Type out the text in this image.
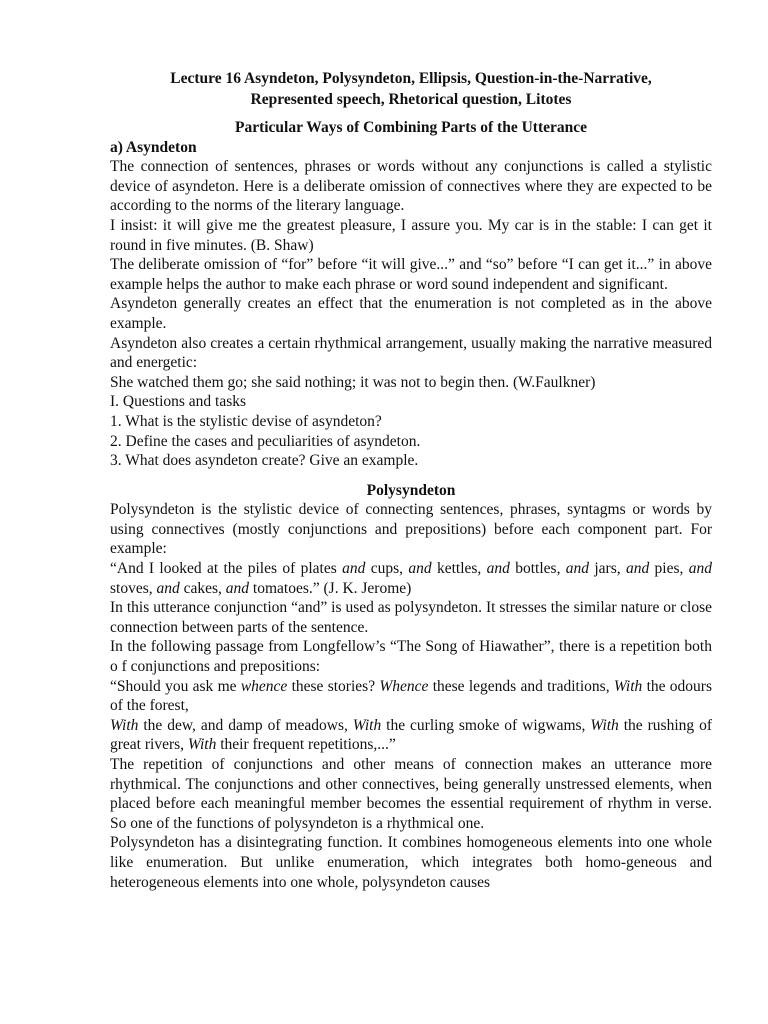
Lecture 16 Asyndeton, Polysyndeton, Ellipsis, Question-in-the-Narrative,
Represented speech, Rhetorical question, Litotes

Particular Ways of Combining Parts of the Utterance

a) Asyndeton

The connection of sentences, phrases or words without any conjunctions is called a stylistic device of asyndeton. Here is a deliberate omission of connectives where they are expected to be according to the norms of the literary language.

I insist: it will give me the greatest pleasure, I assure you. My car is in the stable: I can get it round in five minutes. (B. Shaw)

The deliberate omission of “for” before “it will give...” and “so” before “I can get it...” in above example helps the author to make each phrase or word sound independent and significant.

Asyndeton generally creates an effect that the enumeration is not completed as in the above example.

Asyndeton also creates a certain rhythmical arrangement, usually making the narrative measured and energetic:

She watched them go; she said nothing; it was not to begin then. (W.Faulkner)

I. Questions and tasks

1. What is the stylistic devise of asyndeton?

2. Define the cases and peculiarities of asyndeton.

3. What does asyndeton create? Give an example.

Polysyndeton

Polysyndeton is the stylistic device of connecting sentences, phrases, syntagms or words by using connectives (mostly conjunctions and prepositions) before each component part. For example:

“And I looked at the piles of plates and cups, and kettles, and bottles, and jars, and pies, and stoves, and cakes, and tomatoes.” (J. K. Jerome)

In this utterance conjunction “and” is used as polysyndeton. It stresses the similar nature or close connection between parts of the sentence.

In the following passage from Longfellow’s “The Song of Hiawather”, there is a repetition both o f conjunctions and prepositions:

“Should you ask me whence these stories? Whence these legends and traditions, With the odours of the forest,

With the dew, and damp of meadows, With the curling smoke of wigwams, With the rushing of great rivers, With their frequent repetitions,...”

The repetition of conjunctions and other means of connection makes an utterance more rhythmical. The conjunctions and other connectives, being generally unstressed elements, when placed before each meaningful member becomes the essential requirement of rhythm in verse. So one of the functions of polysyndeton is a rhythmical one.

Polysyndeton has a disintegrating function. It combines homogeneous elements into one whole like enumeration. But unlike enumeration, which integrates both homo-geneous and heterogeneous elements into one whole, polysyndeton causes
